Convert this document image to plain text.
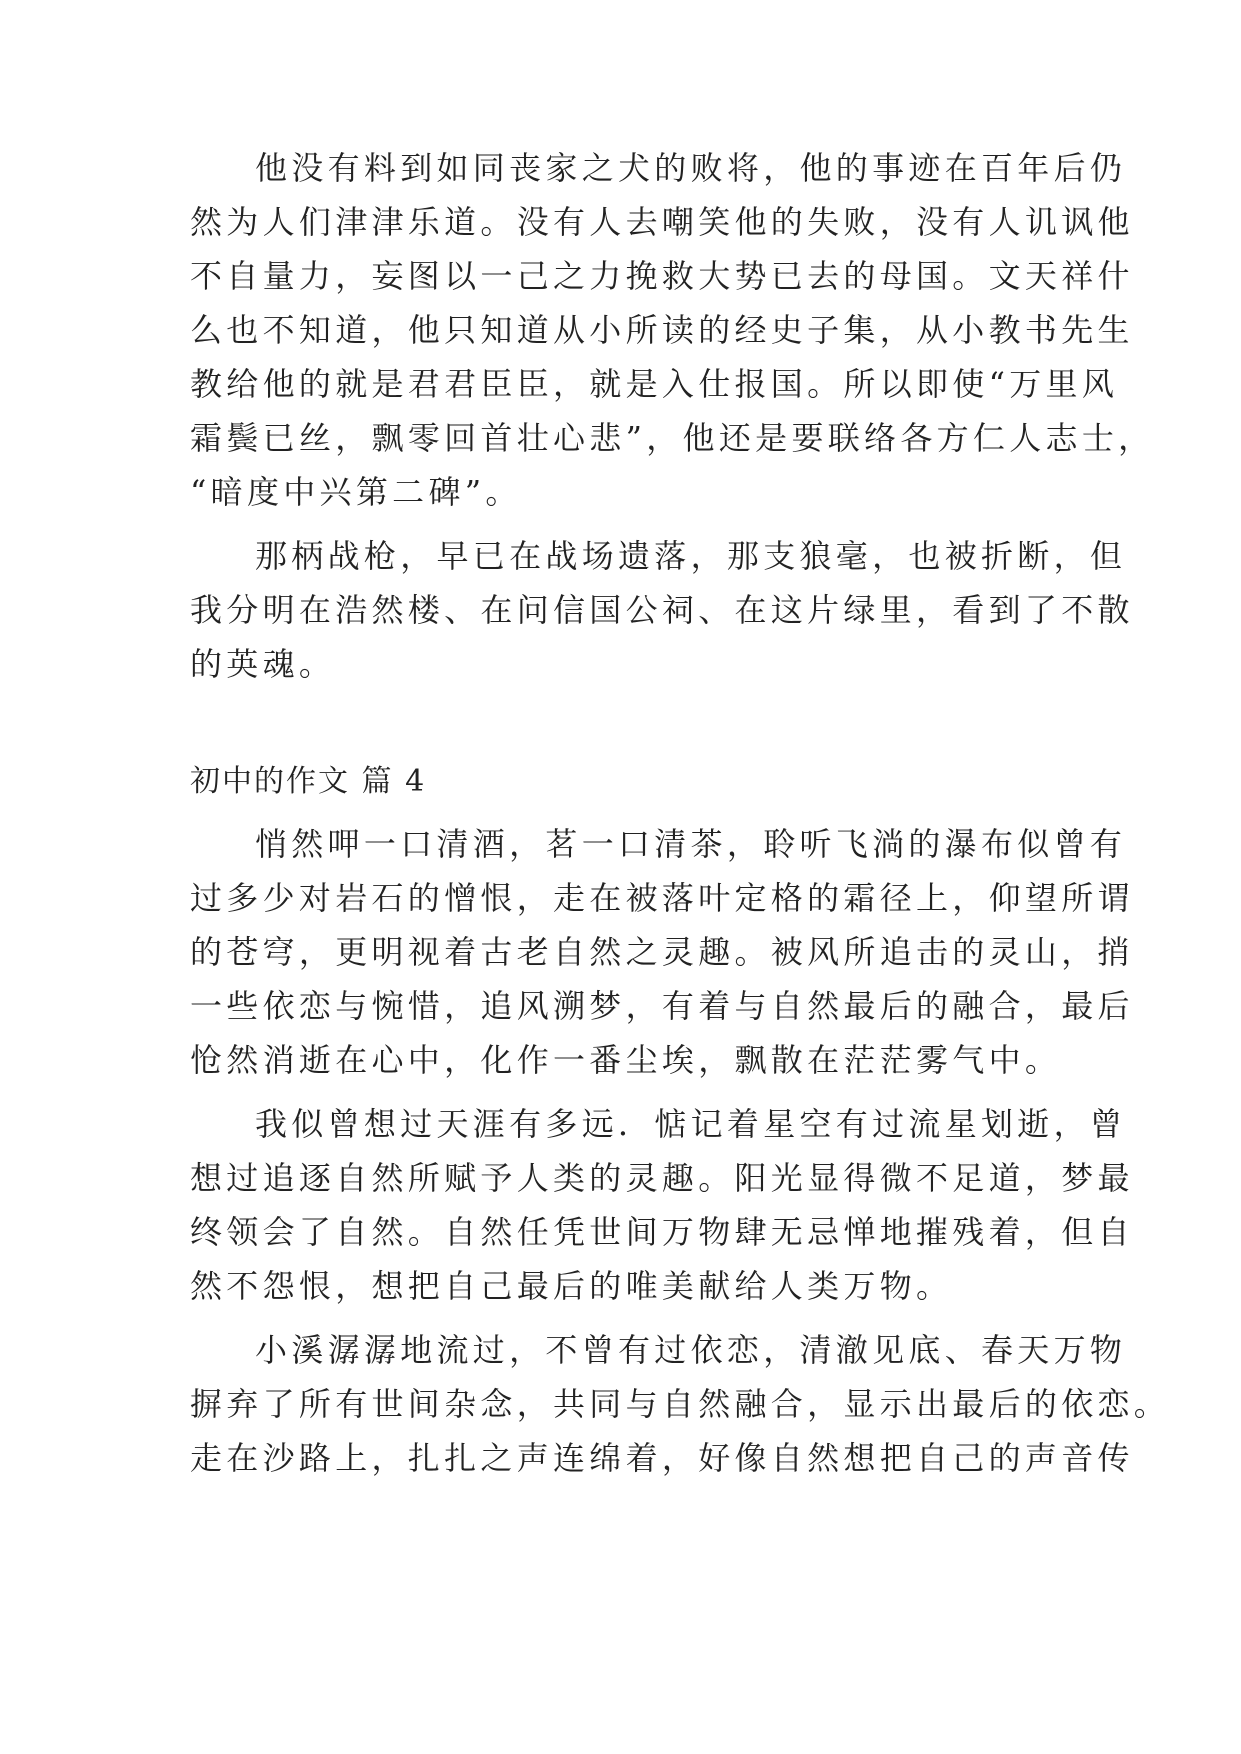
他没有料到如同丧家之犬的败将，他的事迹在百年后仍
然为人们津津乐道。没有人去嘲笑他的失败，没有人讥讽他
不自量力，妄图以一己之力挽救大势已去的母国。文天祥什
么也不知道，他只知道从小所读的经史子集，从小教书先生
教给他的就是君君臣臣，就是入仕报国。所以即使“万里风
霜鬓已丝，飘零回首壮心悲”，他还是要联络各方仁人志士，
“暗度中兴第二碑”。
那柄战枪，早已在战场遗落，那支狼毫，也被折断，但
我分明在浩然楼、在问信国公祠、在这片绿里，看到了不散
的英魂。
初中的作文 篇 4
悄然呷一口清酒，茗一口清茶，聆听飞淌的瀑布似曾有
过多少对岩石的憎恨，走在被落叶定格的霜径上，仰望所谓
的苍穹，更明视着古老自然之灵趣。被风所追击的灵山，捎
一些依恋与惋惜，追风溯梦，有着与自然最后的融合，最后
怆然消逝在心中，化作一番尘埃，飘散在茫茫雾气中。
我似曾想过天涯有多远．惦记着星空有过流星划逝，曾
想过追逐自然所赋予人类的灵趣。阳光显得微不足道，梦最
终领会了自然。自然任凭世间万物肆无忌惮地摧残着，但自
然不怨恨，想把自己最后的唯美献给人类万物。
小溪潺潺地流过，不曾有过依恋，清澈见底、春天万物
摒弃了所有世间杂念，共同与自然融合，显示出最后的依恋。
走在沙路上，扎扎之声连绵着，好像自然想把自己的声音传
